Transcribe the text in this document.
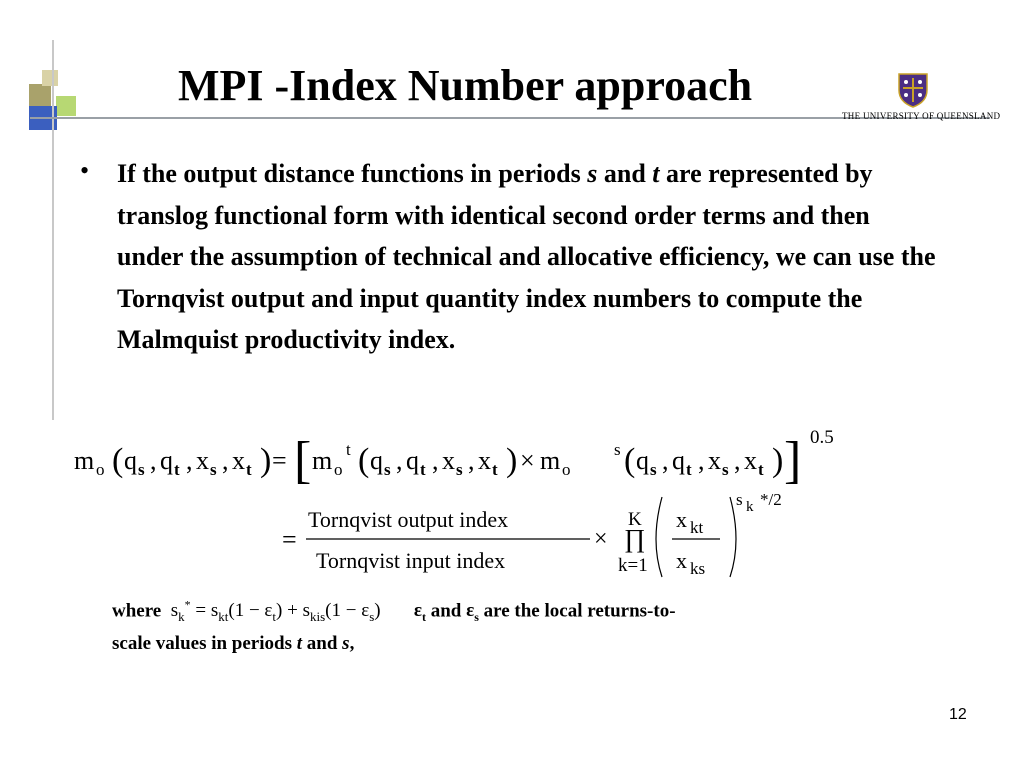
MPI -Index Number approach
THE UNIVERSITY OF QUEENSLAND
• If the output distance functions in periods s and t are represented by translog functional form with identical second order terms and then under the assumption of technical and allocative efficiency, we can use the Tornqvist output and input quantity index numbers to compute the Malmquist productivity index.
m o ( q s , q t , x s , x t ) = [ m o
t ( q s , q t , x s , x t ) × m o
s ( q s , q t , x s , x t ) ] 0.5
=
Tornqvist output index
Tornqvist input index
×
K
∏
k=1
x kt
x ks
s k */2
where $s_k^* = s_{kt}(1 - \varepsilon_t) + s_{kis}(1 - \varepsilon_s)$ $\varepsilon_t$ and $\varepsilon_s$ are the local returns-to-
scale values in periods t and s,
12
